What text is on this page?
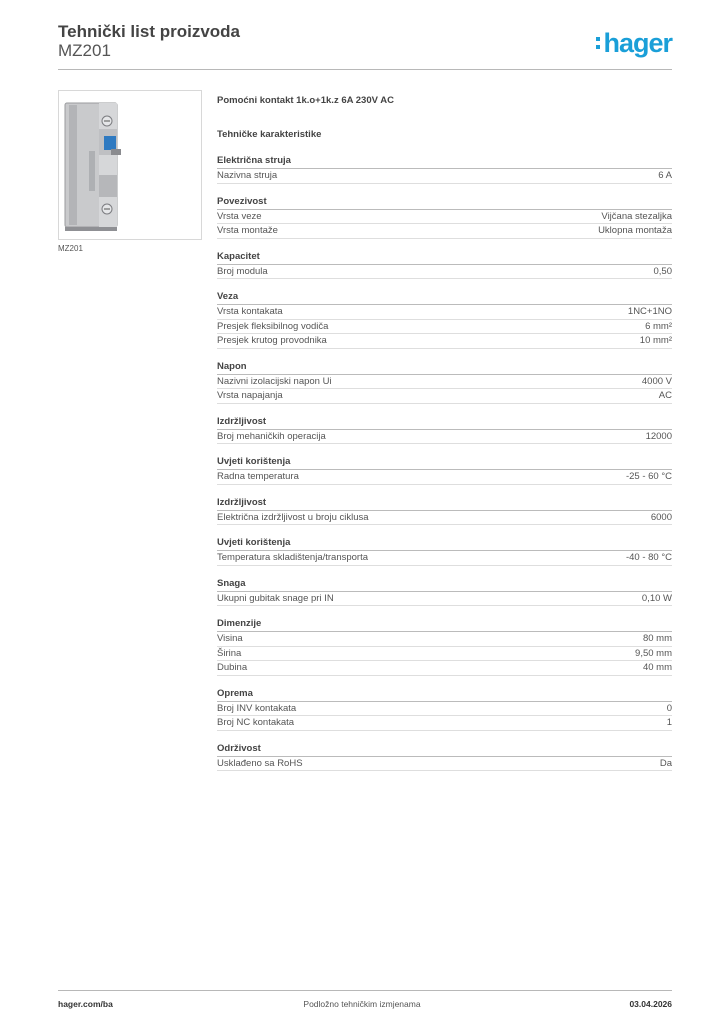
Tehnički list proizvoda
MZ201	hager
MZ201
Pomoćni kontakt 1k.o+1k.z 6A 230V AC
Tehničke karakteristike
Električna struja
Nazivna struja	6 A
Povezivost
Vrsta veze	Vijčana stezaljka
Vrsta montaže	Uklopna montaža
Kapacitet
Broj modula	0,50
Veza
Vrsta kontakata	1NC+1NO
Presjek fleksibilnog vodiča	6 mm²
Presjek krutog provodnika	10 mm²
Napon
Nazivni izolacijski napon Ui	4000 V
Vrsta napajanja	AC
Izdržljivost
Broj mehaničkih operacija	12000
Uvjeti korištenja
Radna temperatura	-25 - 60 °C
Izdržljivost
Električna izdržljivost u broju ciklusa	6000
Uvjeti korištenja
Temperatura skladištenja/transporta	-40 - 80 °C
Snaga
Ukupni gubitak snage pri IN	0,10 W
Dimenzije
Visina	80 mm
Širina	9,50 mm
Dubina	40 mm
Oprema
Broj INV kontakata	0
Broj NC kontakata	1
Održivost
Usklađeno sa RoHS	Da
hager.com/ba	Podložno tehničkim izmjenama	03.04.2026
